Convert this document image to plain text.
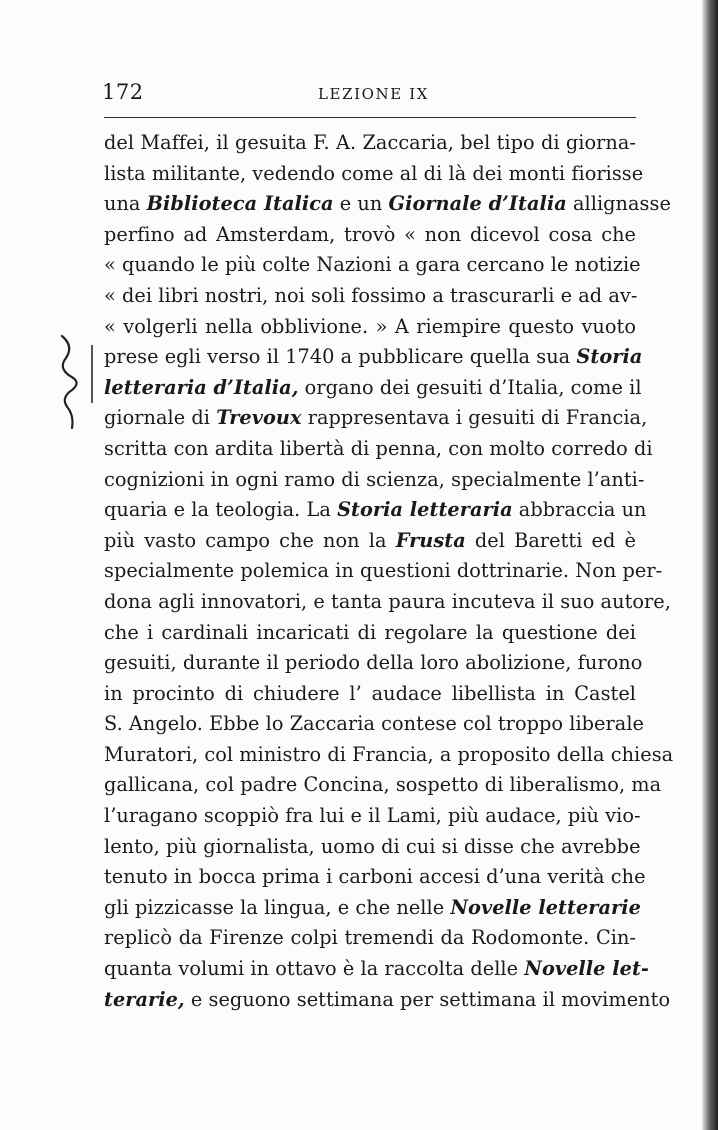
172	LEZIONE IX
del Maffei, il gesuita F. A. Zaccaria, bel tipo di giorna-
lista militante, vedendo come al di là dei monti fiorisse
una Biblioteca Italica e un Giornale d’Italia allignasse
perfino ad Amsterdam, trovò « non dicevol cosa che
« quando le più colte Nazioni a gara cercano le notizie
« dei libri nostri, noi soli fossimo a trascurarli e ad av-
« volgerli nella obblivione. » A riempire questo vuoto
prese egli verso il 1740 a pubblicare quella sua Storia
letteraria d’Italia, organo dei gesuiti d’Italia, come il
giornale di Trevoux rappresentava i gesuiti di Francia,
scritta con ardita libertà di penna, con molto corredo di
cognizioni in ogni ramo di scienza, specialmente l’anti-
quaria e la teologia. La Storia letteraria abbraccia un
più vasto campo che non la Frusta del Baretti ed è
specialmente polemica in questioni dottrinarie. Non per-
dona agli innovatori, e tanta paura incuteva il suo autore,
che i cardinali incaricati di regolare la questione dei
gesuiti, durante il periodo della loro abolizione, furono
in procinto di chiudere l’ audace libellista in Castel
S. Angelo. Ebbe lo Zaccaria contese col troppo liberale
Muratori, col ministro di Francia, a proposito della chiesa
gallicana, col padre Concina, sospetto di liberalismo, ma
l’uragano scoppiò fra lui e il Lami, più audace, più vio-
lento, più giornalista, uomo di cui si disse che avrebbe
tenuto in bocca prima i carboni accesi d’una verità che
gli pizzicasse la lingua, e che nelle Novelle letterarie
replicò da Firenze colpi tremendi da Rodomonte. Cin-
quanta volumi in ottavo è la raccolta delle Novelle let-
terarie, e seguono settimana per settimana il movimento
